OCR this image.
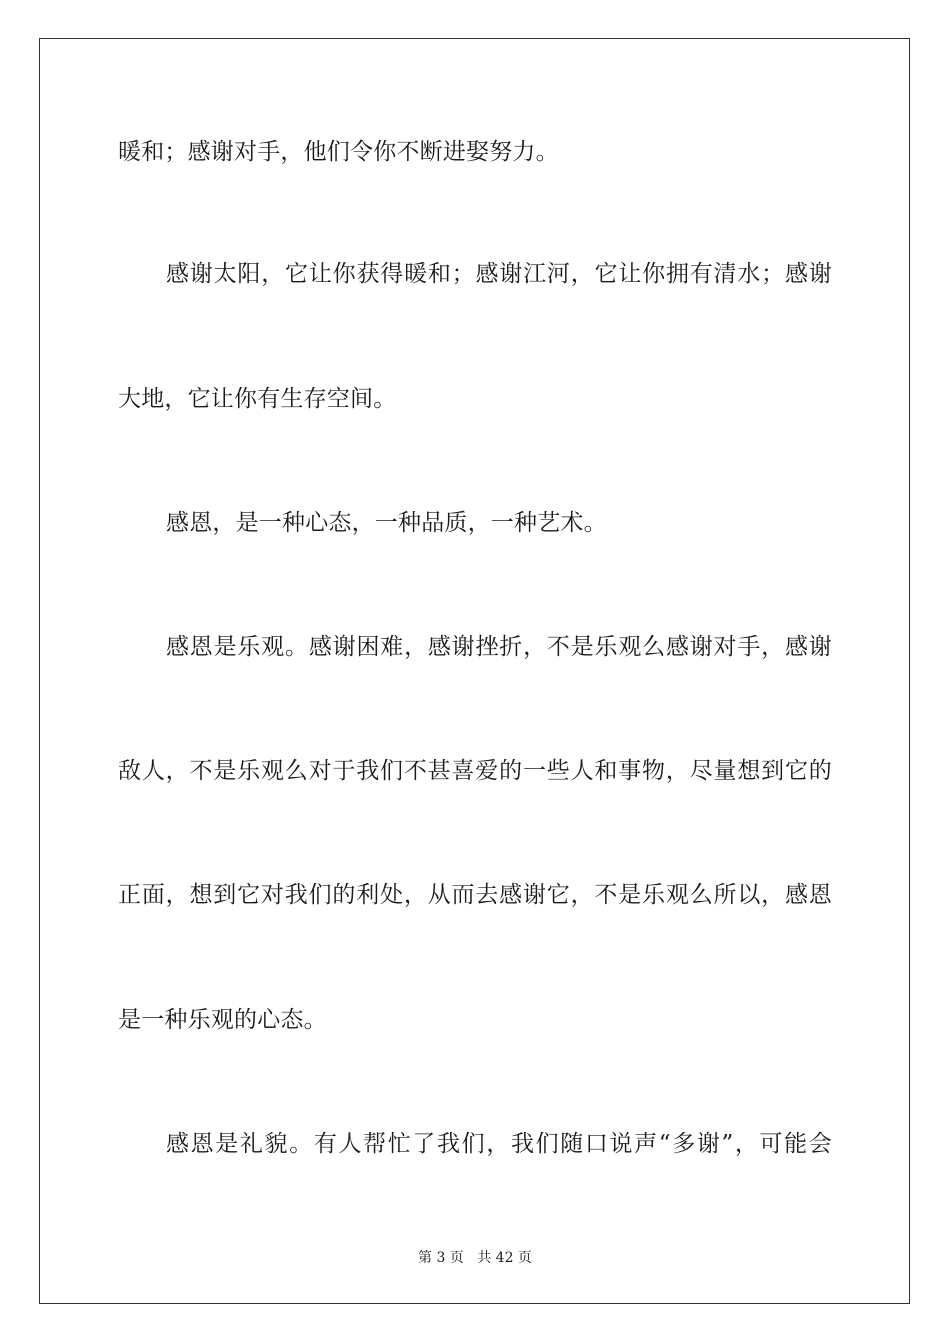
暖和；感谢对手，他们令你不断进娶努力。
感谢太阳，它让你获得暖和；感谢江河，它让你拥有清水；感谢
大地，它让你有生存空间。
感恩，是一种心态，一种品质，一种艺术。
感恩是乐观。感谢困难，感谢挫折，不是乐观么感谢对手，感谢
敌人，不是乐观么对于我们不甚喜爱的一些人和事物，尽量想到它的
正面，想到它对我们的利处，从而去感谢它，不是乐观么所以，感恩
是一种乐观的心态。
感恩是礼貌。有人帮忙了我们，我们随口说声“多谢”，可能会
第 3 页 共 42 页
